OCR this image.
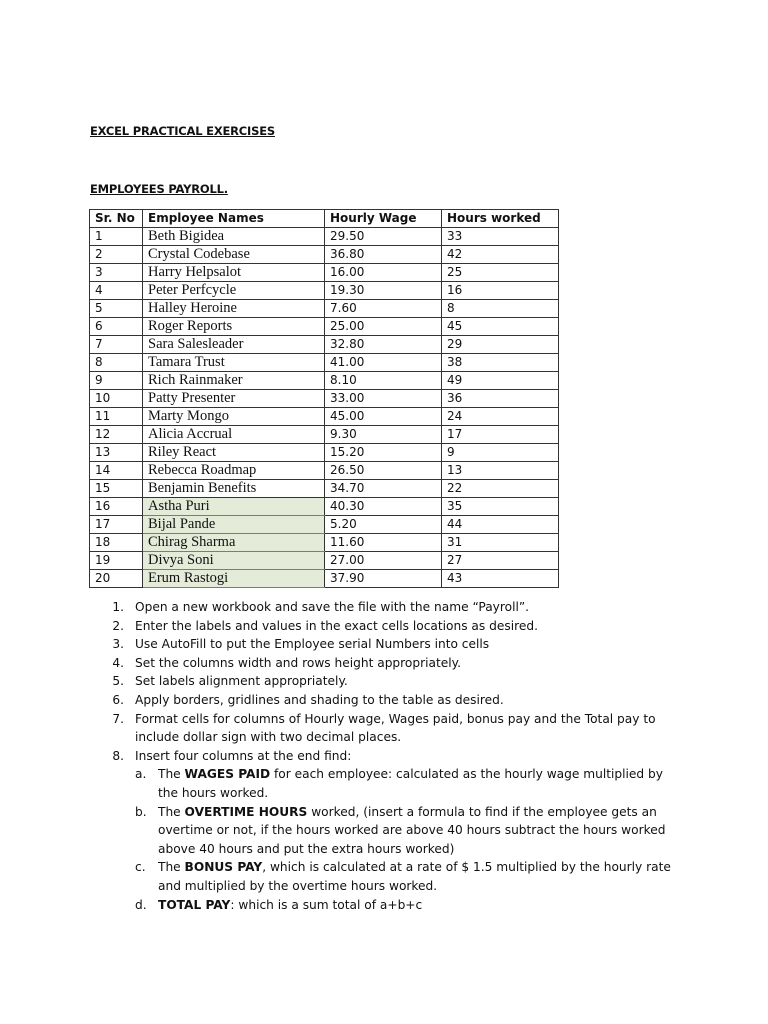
EXCEL PRACTICAL EXERCISES
EMPLOYEES PAYROLL.
Sr. No	Employee Names	Hourly Wage	Hours worked
1	Beth Bigidea	29.50	33
2	Crystal Codebase	36.80	42
3	Harry Helpsalot	16.00	25
4	Peter Perfcycle	19.30	16
5	Halley Heroine	7.60	8
6	Roger Reports	25.00	45
7	Sara Salesleader	32.80	29
8	Tamara Trust	41.00	38
9	Rich Rainmaker	8.10	49
10	Patty Presenter	33.00	36
11	Marty Mongo	45.00	24
12	Alicia Accrual	9.30	17
13	Riley React	15.20	9
14	Rebecca Roadmap	26.50	13
15	Benjamin Benefits	34.70	22
16	Astha Puri	40.30	35
17	Bijal Pande	5.20	44
18	Chirag Sharma	11.60	31
19	Divya Soni	27.00	27
20	Erum Rastogi	37.90	43
1. Open a new workbook and save the file with the name “Payroll”.
2. Enter the labels and values in the exact cells locations as desired.
3. Use AutoFill to put the Employee serial Numbers into cells
4. Set the columns width and rows height appropriately.
5. Set labels alignment appropriately.
6. Apply borders, gridlines and shading to the table as desired.
7. Format cells for columns of Hourly wage, Wages paid, bonus pay and the Total pay to include dollar sign with two decimal places.
8. Insert four columns at the end find:
a. The WAGES PAID for each employee: calculated as the hourly wage multiplied by the hours worked.
b. The OVERTIME HOURS worked, (insert a formula to find if the employee gets an overtime or not, if the hours worked are above 40 hours subtract the hours worked above 40 hours and put the extra hours worked)
c. The BONUS PAY, which is calculated at a rate of $ 1.5 multiplied by the hourly rate and multiplied by the overtime hours worked.
d. TOTAL PAY: which is a sum total of a+b+c
